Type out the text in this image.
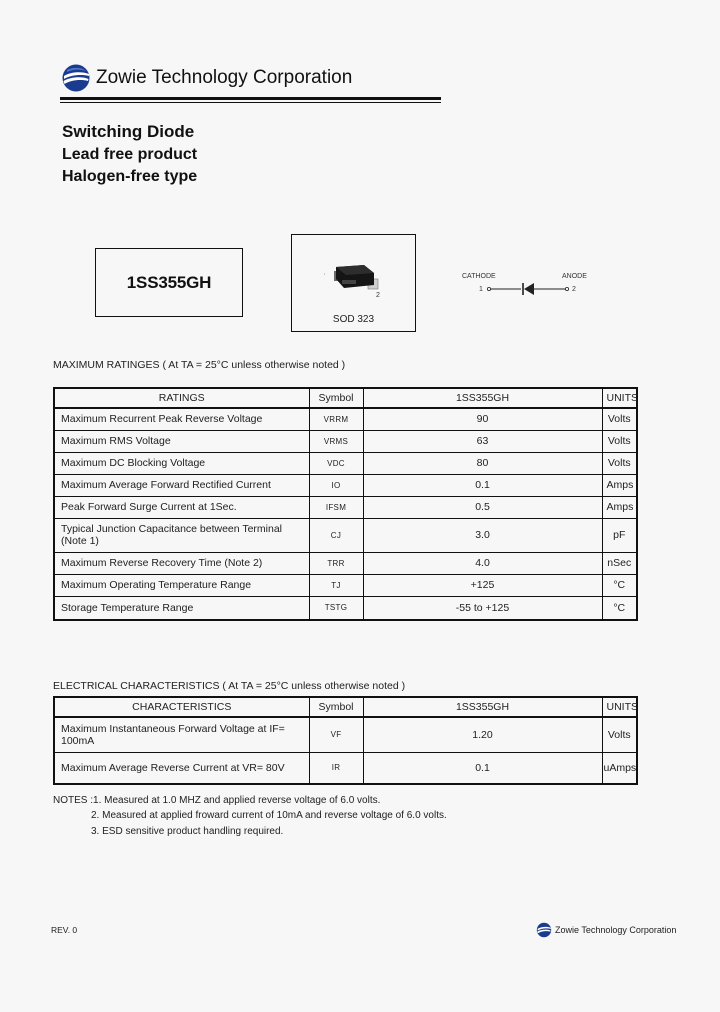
Zowie Technology Corporation
Switching Diode
Lead free product
Halogen-free type
1SS355GH
2
SOD 323
CATHODE	ANODE
1	2
MAXIMUM RATINGES ( At TA = 25°C unless otherwise noted )
RATINGS	Symbol	1SS355GH	UNITS
Maximum Recurrent Peak Reverse Voltage	VRRM	90	Volts
Maximum RMS Voltage	VRMS	63	Volts
Maximum DC Blocking Voltage	VDC	80	Volts
Maximum Average Forward Rectified Current	IO	0.1	Amps
Peak Forward Surge Current at 1Sec.	IFSM	0.5	Amps
Typical Junction Capacitance between Terminal (Note 1)	CJ	3.0	pF
Maximum Reverse Recovery Time (Note 2)	TRR	4.0	nSec
Maximum Operating Temperature Range	TJ	+125	°C
Storage Temperature Range	TSTG	-55 to +125	°C
ELECTRICAL CHARACTERISTICS ( At TA = 25°C unless otherwise noted )
CHARACTERISTICS	Symbol	1SS355GH	UNITS
Maximum Instantaneous Forward Voltage at IF= 100mA	VF	1.20	Volts
Maximum Average Reverse Current at VR= 80V	IR	0.1	uAmps
NOTES :1. Measured at 1.0 MHZ and applied reverse voltage of 6.0 volts.
2. Measured at applied froward current of 10mA and reverse voltage of 6.0 volts.
3. ESD sensitive product handling required.
REV. 0	Zowie Technology Corporation
